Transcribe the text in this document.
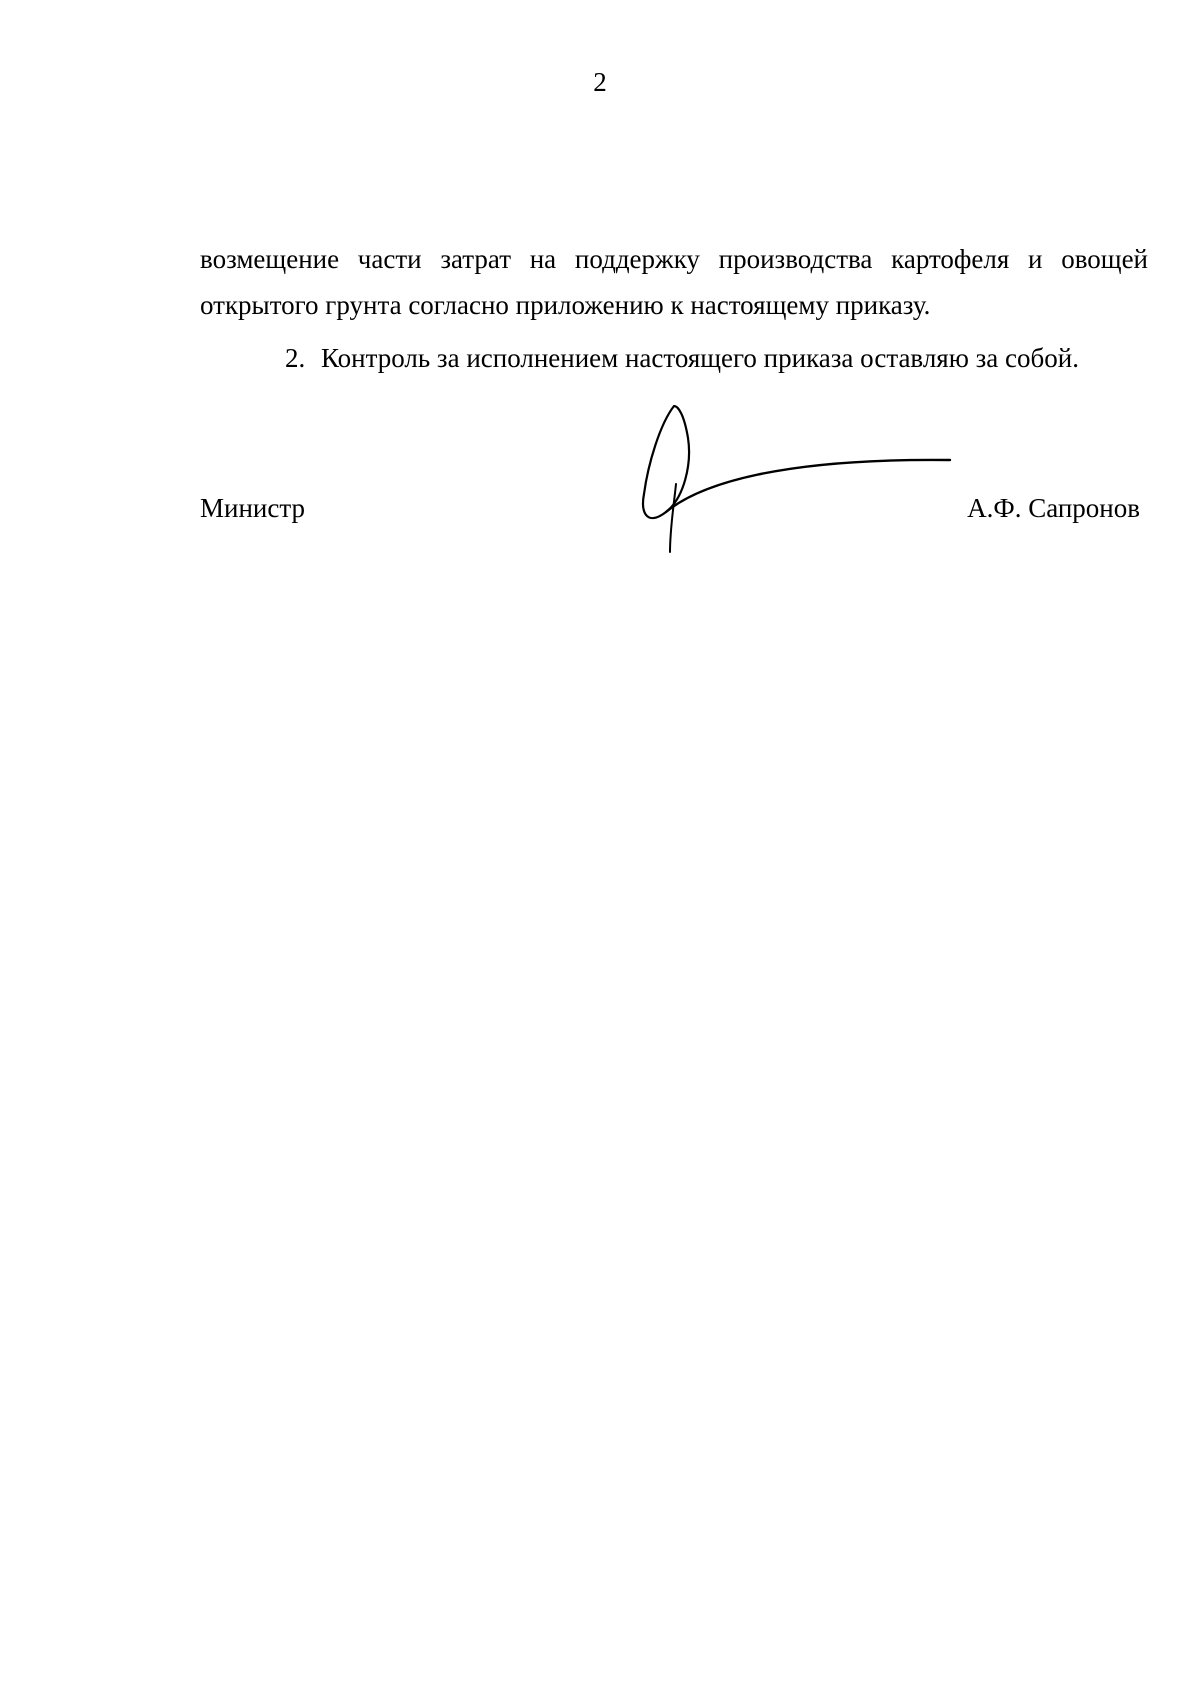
2
возмещение части затрат на поддержку производства картофеля и овощей
открытого грунта согласно приложению к настоящему приказу.
2. Контроль за исполнением настоящего приказа оставляю за собой.
Министр	А.Ф. Сапронов
